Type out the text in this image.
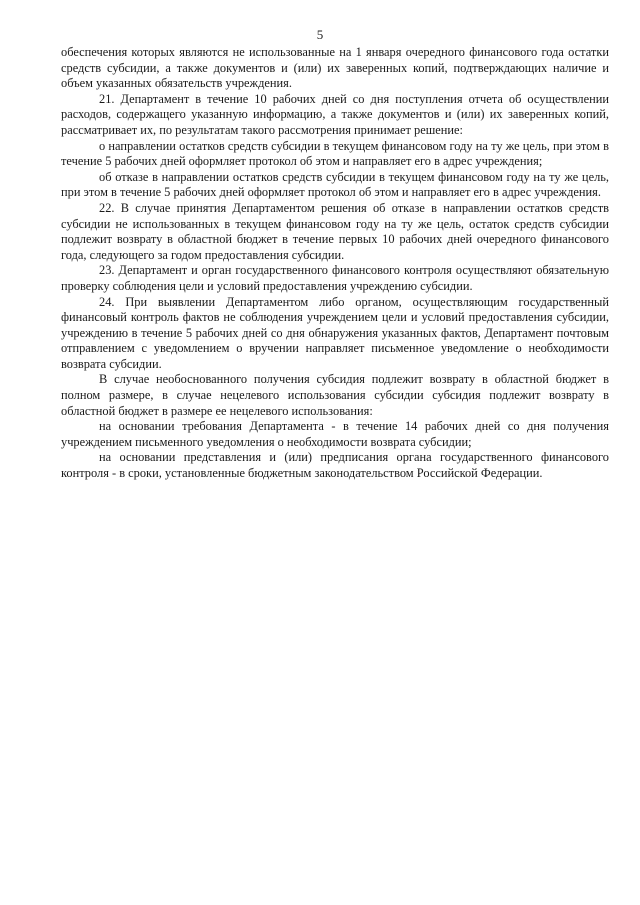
5

обеспечения которых являются не использованные на 1 января очередного финансового года остатки средств субсидии, а также документов и (или) их заверенных копий, подтверждающих наличие и объем указанных обязательств учреждения.

21. Департамент в течение 10 рабочих дней со дня поступления отчета об осуществлении расходов, содержащего указанную информацию, а также документов и (или) их заверенных копий, рассматривает их, по результатам такого рассмотрения принимает решение:

о направлении остатков средств субсидии в текущем финансовом году на ту же цель, при этом в течение 5 рабочих дней оформляет протокол об этом и направляет его в адрес учреждения;

об отказе в направлении остатков средств субсидии в текущем финансовом году на ту же цель, при этом в течение 5 рабочих дней оформляет протокол об этом и направляет его в адрес учреждения.

22. В случае принятия Департаментом решения об отказе в направлении остатков средств субсидии не использованных в текущем финансовом году на ту же цель, остаток средств субсидии подлежит возврату в областной бюджет в течение первых 10 рабочих дней очередного финансового года, следующего за годом предоставления субсидии.

23. Департамент и орган государственного финансового контроля осуществляют обязательную проверку соблюдения цели и условий предоставления учреждению субсидии.

24. При выявлении Департаментом либо органом, осуществляющим государственный финансовый контроль фактов не соблюдения учреждением цели и условий предоставления субсидии, учреждению в течение 5 рабочих дней со дня обнаружения указанных фактов, Департамент почтовым отправлением с уведомлением о вручении направляет письменное уведомление о необходимости возврата субсидии.

В случае необоснованного получения субсидия подлежит возврату в областной бюджет в полном размере, в случае нецелевого использования субсидии субсидия подлежит возврату в областной бюджет в размере ее нецелевого использования:

на основании требования Департамента - в течение 14 рабочих дней со дня получения учреждением письменного уведомления о необходимости возврата субсидии;

на основании представления и (или) предписания органа государственного финансового контроля - в сроки, установленные бюджетным законодательством Российской Федерации.
